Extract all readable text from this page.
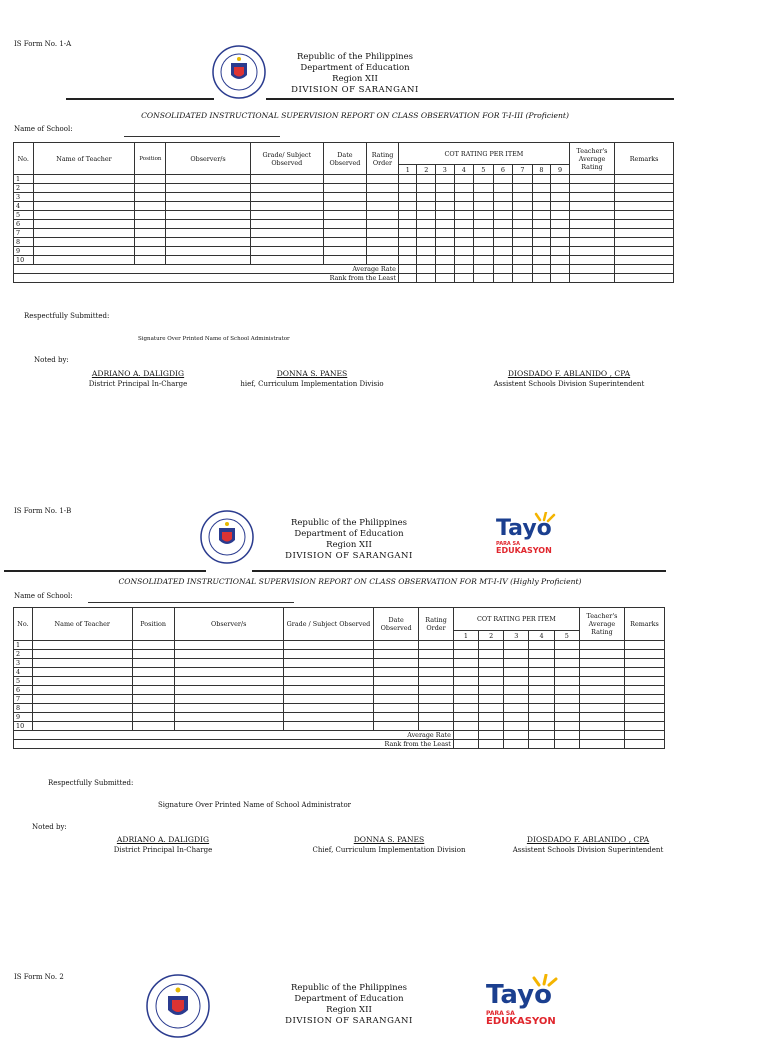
IS Form No. 1-A
Republic of the Philippines
Department of Education
Region XII
DIVISION OF SARANGANI
CONSOLIDATED INSTRUCTIONAL SUPERVISION REPORT ON CLASS OBSERVATION FOR T-I-III (Proficient)
Name of School:
No.	Name of Teacher	Position	Observer/s	Grade/ Subject Observed	Date Observed	Rating Order	COT RATING PER ITEM									Teacher's Average Rating	Remarks
							1	2	3	4	5	6	7	8	9		
1																	
2																	
3																	
4																	
5																	
6																	
7																	
8																	
9																	
10																	
Average Rate																	
Rank from the Least																	
Respectfully Submitted:
Signature Over Printed Name of School Administrator
Noted by:
ADRIANO A. DALIGDIG
District Principal In-Charge
DONNA S. PANES
hief, Curriculum Implementation Divisio
DIOSDADO F. ABLANIDO , CPA
Assistent Schools Division Superintendent
IS Form No. 1-B
Republic of the Philippines
Department of Education
Region XII
DIVISION OF SARANGANI
Tayo
PARA SA
EDUKASYON
CONSOLIDATED INSTRUCTIONAL SUPERVISION REPORT ON CLASS OBSERVATION FOR MT-I-IV (Highly Proficient)
Name of School:
No.	Name of Teacher	Position	Observer/s	Grade / Subject Observed	Date Observed	Rating Order	COT RATING PER ITEM					Teacher's Average Rating	Remarks
							1	2	3	4	5		
1													
2													
3													
4													
5													
6													
7													
8													
9													
10													
Average Rate													
Rank from the Least													
Respectfully Submitted:
Signature Over Printed Name of School Administrator
Noted by:
ADRIANO A. DALIGDIG
District Principal In-Charge
DONNA S. PANES
Chief, Curriculum Implementation Division
DIOSDADO F. ABLANIDO , CPA
Assistent Schools Division Superintendent
IS Form No. 2
Republic of the Philippines
Department of Education
Region XII
DIVISION OF SARANGANI
Tayo
PARA SA
EDUKASYON
